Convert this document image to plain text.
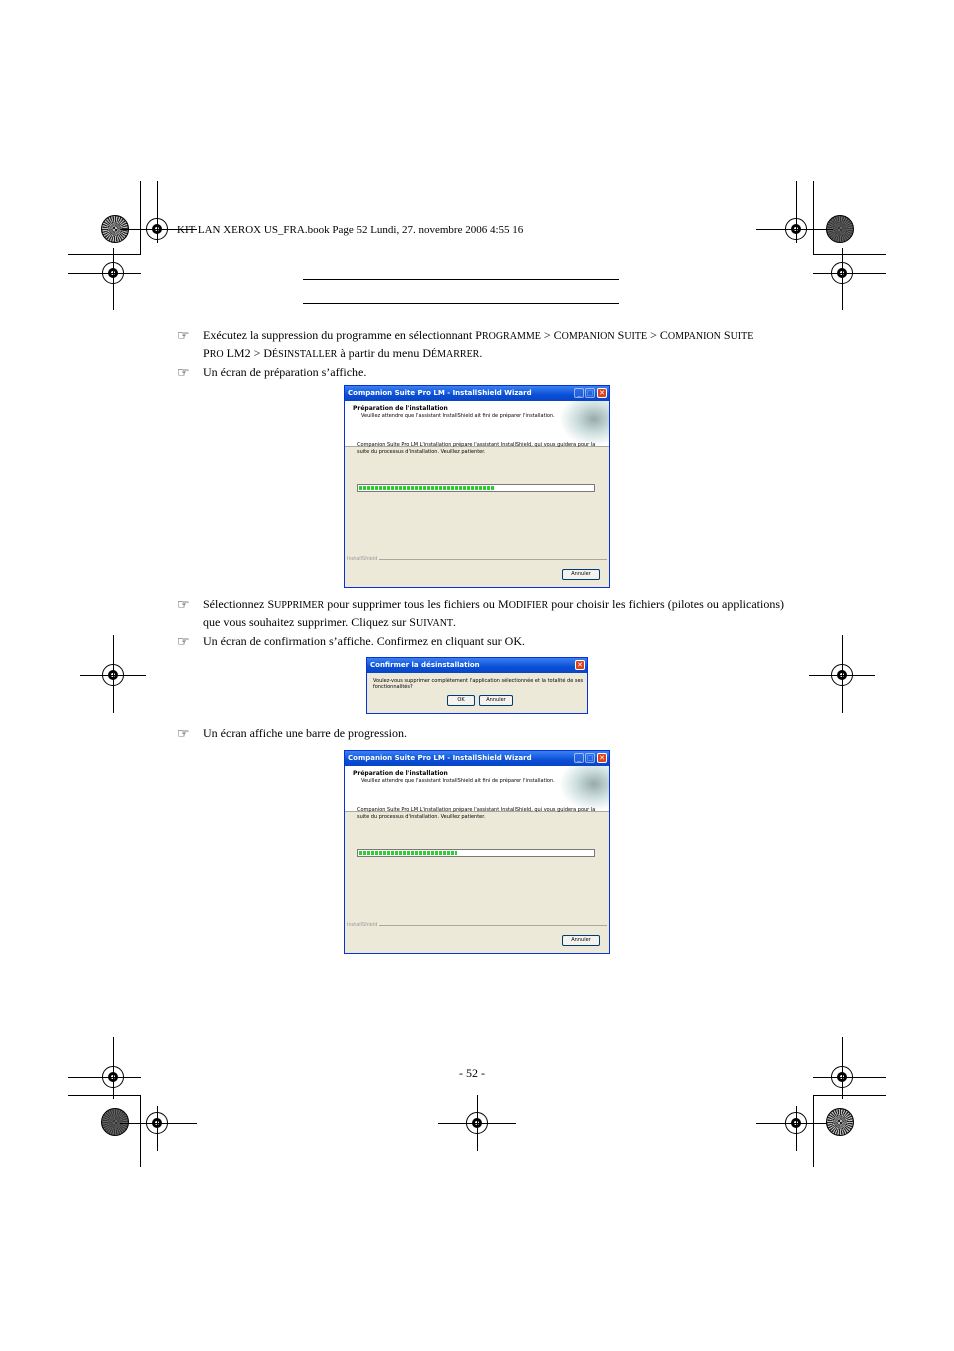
KIT LAN XEROX US_FRA.book Page 52 Lundi, 27. novembre 2006 4:55 16
☞ Exécutez la suppression du programme en sélectionnant PROGRAMME > COMPANION SUITE > COMPANION SUITE
PRO LM2 > DÉSINSTALLER à partir du menu DÉMARRER.
☞ Un écran de préparation s’affiche.
Companion Suite Pro LM - InstallShield Wizard	_ □ ✕
Préparation de l'installation
Veuillez attendre que l'assistant InstallShield ait fini de préparer l'installation.
Companion Suite Pro LM L'installation prépare l'assistant InstallShield, qui vous guidera pour la suite du processus d'installation. Veuillez patienter.
InstallShield
Annuler
☞ Sélectionnez SUPPRIMER pour supprimer tous les fichiers ou MODIFIER pour choisir les fichiers (pilotes ou applications) que vous souhaitez supprimer. Cliquez sur SUIVANT.
☞ Un écran de confirmation s’affiche. Confirmez en cliquant sur OK.
Confirmer la désinstallation	✕
Voulez-vous supprimer complètement l'application sélectionnée et la totalité de ses fonctionnalités?
OK	Annuler
☞ Un écran affiche une barre de progression.
Companion Suite Pro LM - InstallShield Wizard	_ □ ✕
Préparation de l'installation
Veuillez attendre que l'assistant InstallShield ait fini de préparer l'installation.
Companion Suite Pro LM L'installation prépare l'assistant InstallShield, qui vous guidera pour la suite du processus d'installation. Veuillez patienter.
InstallShield
Annuler
- 52 -
